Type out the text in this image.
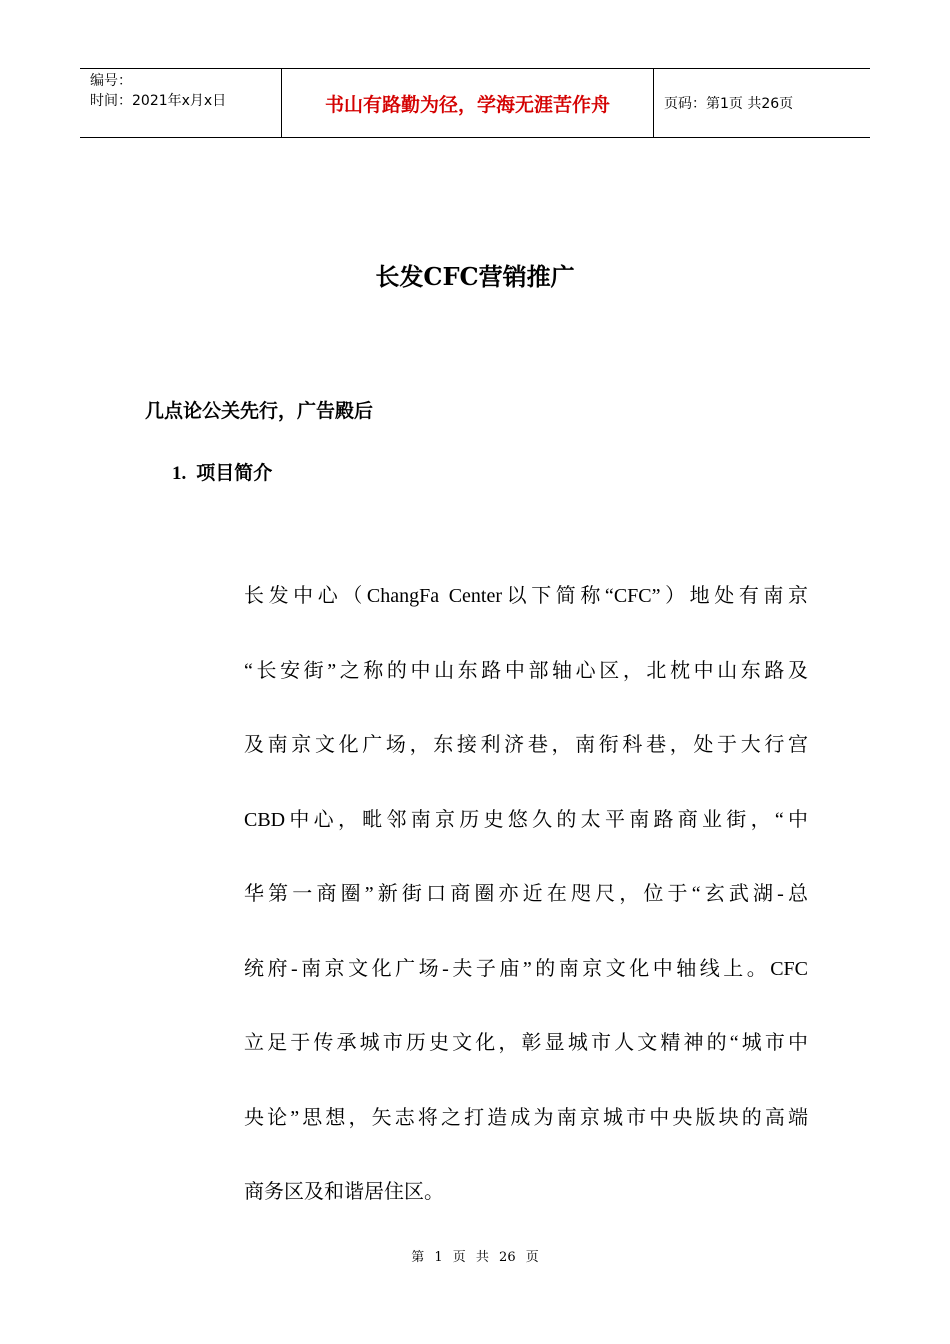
编号：
时间：2021年x月x日	书山有路勤为径，学海无涯苦作舟	页码：第1页 共26页
长发CFC营销推广
几点论公关先行，广告殿后
1. 项目简介
长发中心（ChangFa Center以下简称“CFC”）地处有南京
“长安街”之称的中山东路中部轴心区，北枕中山东路及
及南京文化广场，东接利济巷，南衔科巷，处于大行宫
CBD中心，毗邻南京历史悠久的太平南路商业街，“中
华第一商圈”新街口商圈亦近在咫尺，位于“玄武湖-总
统府-南京文化广场-夫子庙”的南京文化中轴线上。CFC
立足于传承城市历史文化，彰显城市人文精神的“城市中
央论”思想，矢志将之打造成为南京城市中央版块的高端
商务区及和谐居住区。
第 1 页 共 26 页
